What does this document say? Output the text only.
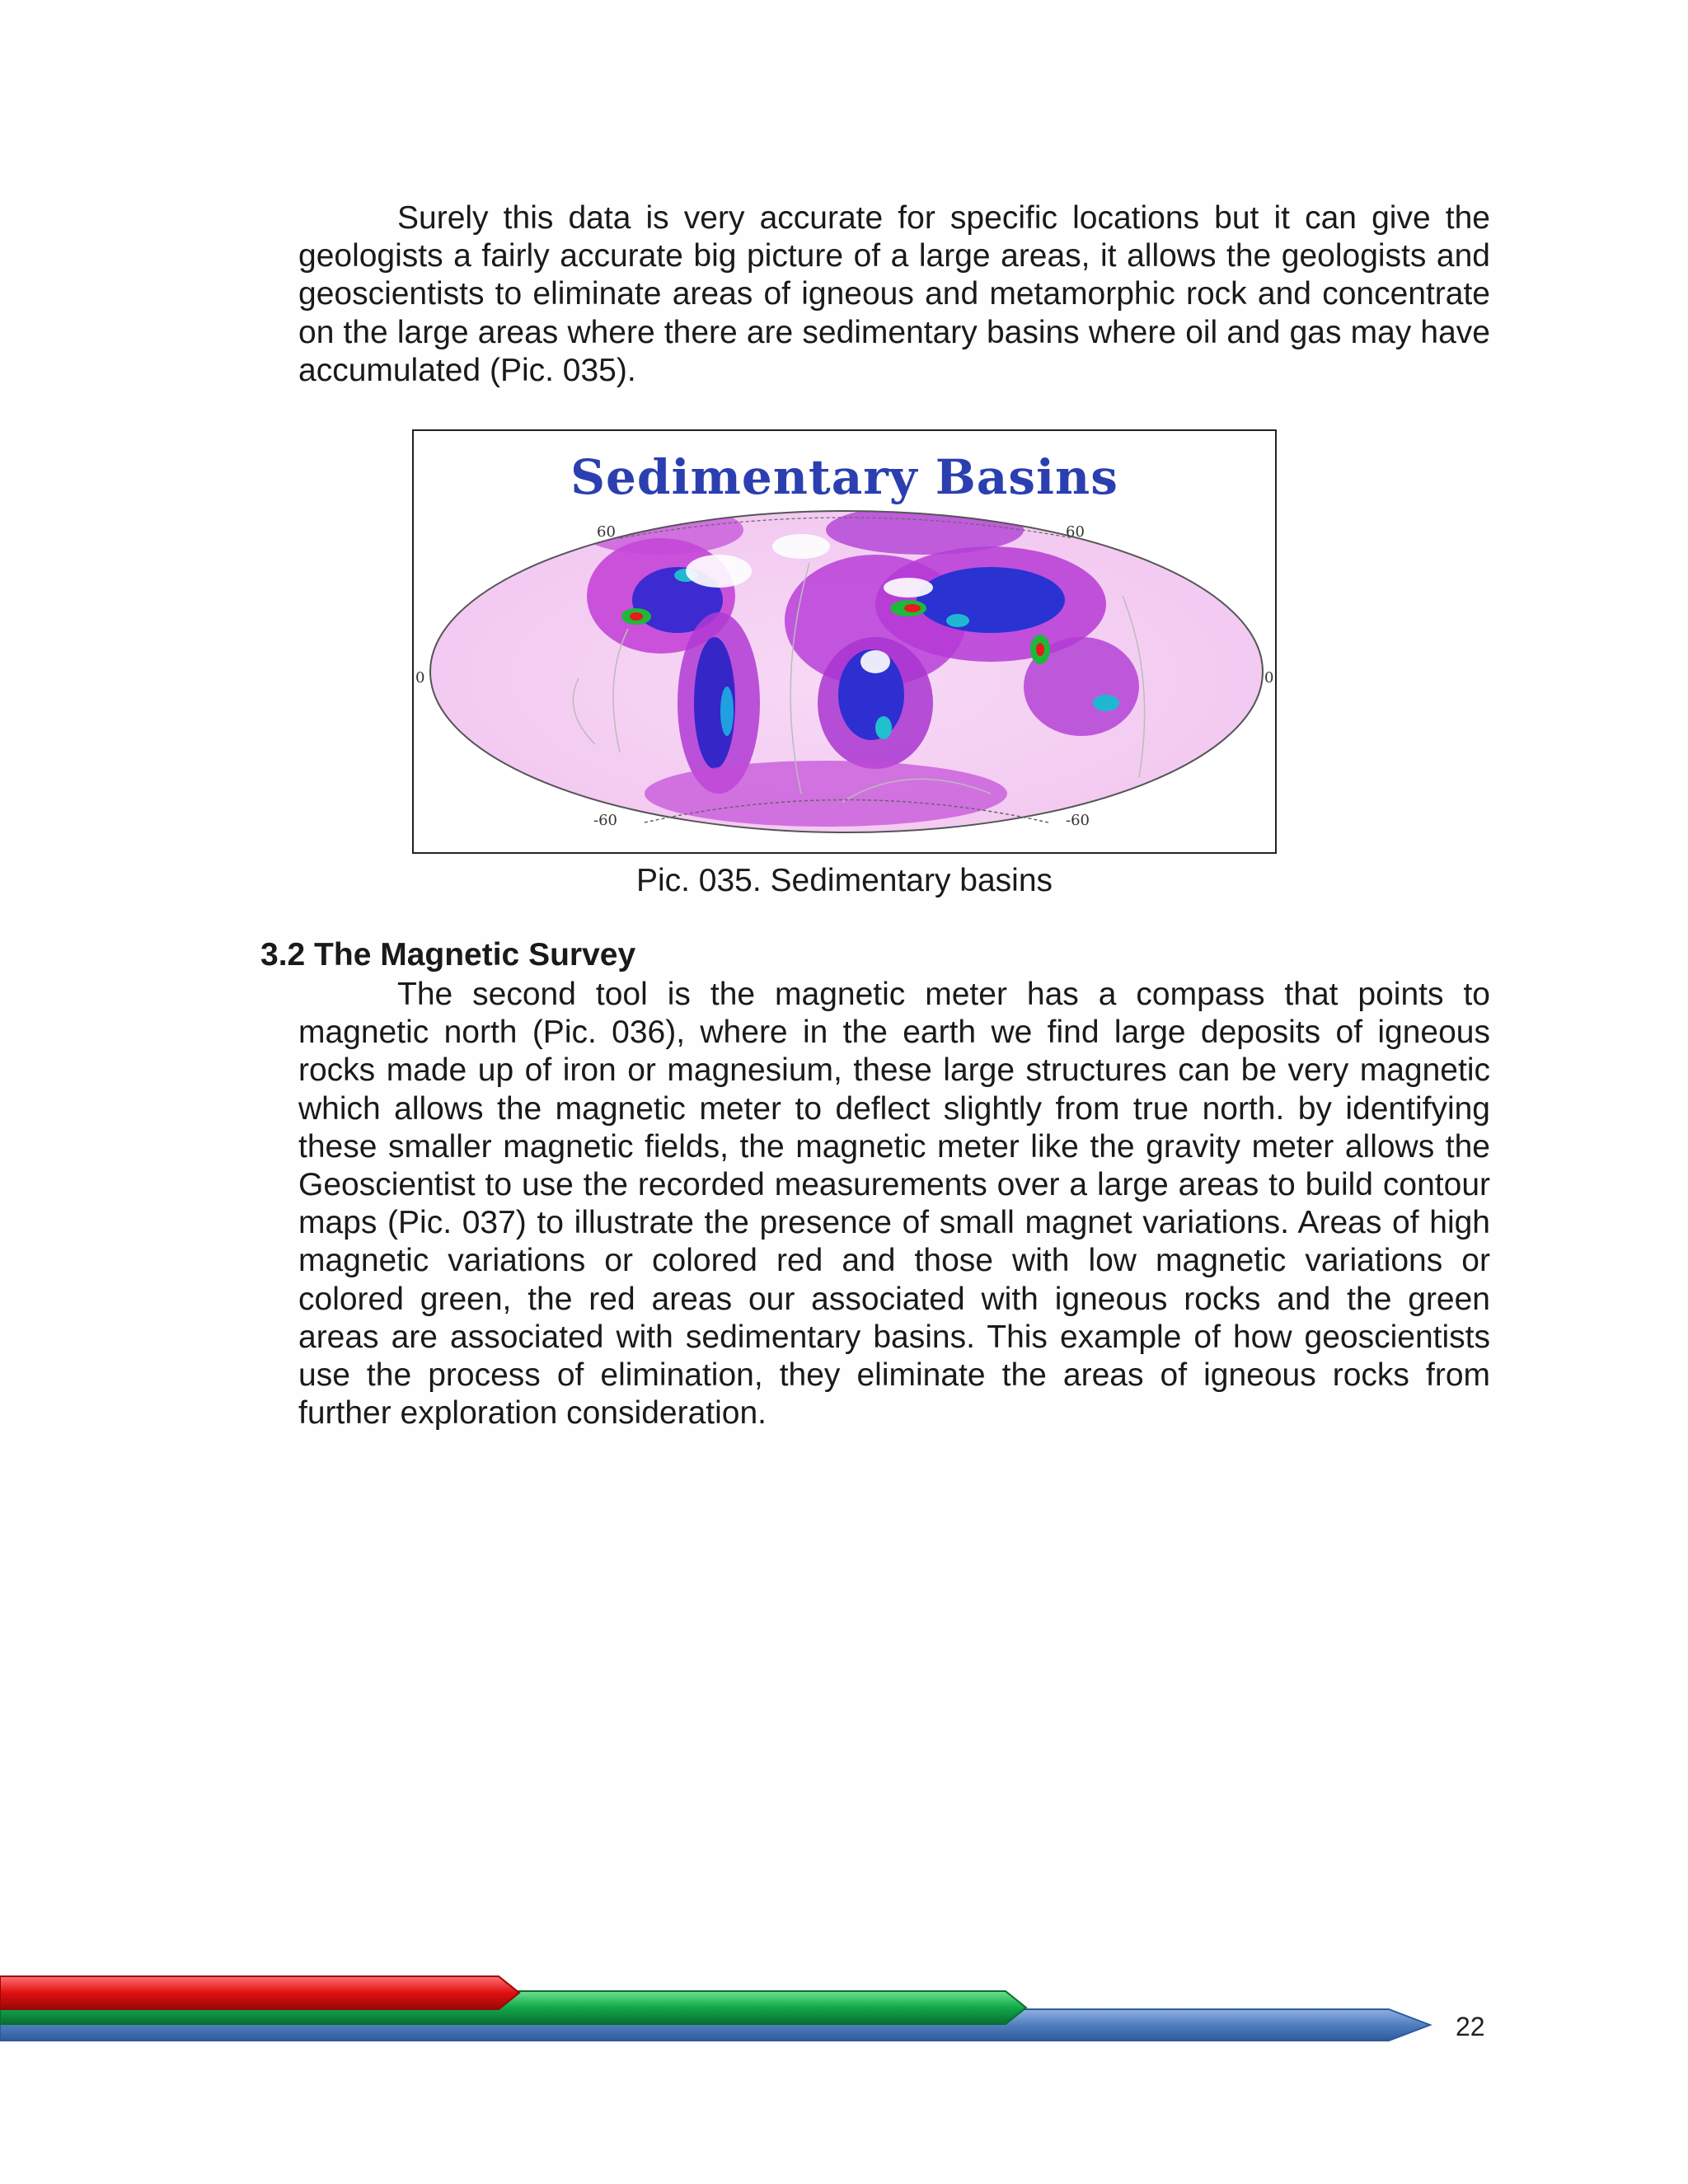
Surely this data is very accurate for specific locations but it can give the geologists a fairly accurate big picture of a large areas, it allows the geologists and geoscientists to eliminate areas of igneous and metamorphic rock and concentrate on the large areas where there are sedimentary basins where oil and gas may have accumulated (Pic. 035).

Sedimentary Basins
60	60
-60	-60
0	0
Pic. 035. Sedimentary basins
3.2 The Magnetic Survey

The second tool is the magnetic meter has a compass that points to magnetic north (Pic. 036), where in the earth we find large deposits of igneous rocks made up of iron or magnesium, these large structures can be very magnetic which allows the magnetic meter to deflect slightly from true north. by identifying these smaller magnetic fields, the magnetic meter like the gravity meter allows the Geoscientist to use the recorded measurements over a large areas to build contour maps (Pic. 037) to illustrate the presence of small magnet variations. Areas of high magnetic variations or colored red and those with low magnetic variations or colored green, the red areas our associated with igneous rocks and the green areas are associated with sedimentary basins. This example of how geoscientists use the process of elimination, they eliminate the areas of igneous rocks from further exploration consideration.

22
